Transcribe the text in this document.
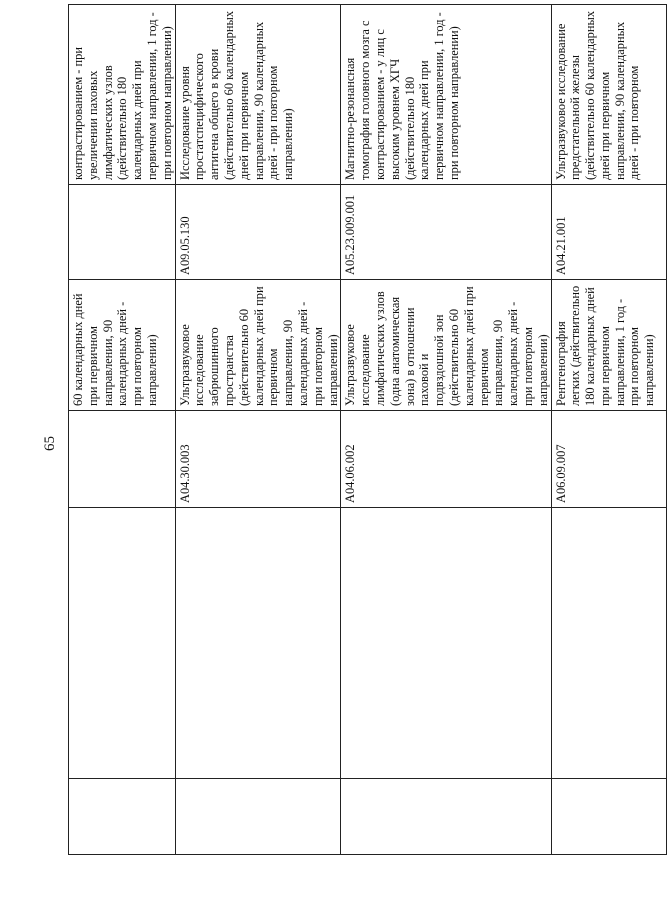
65
			60 календарных дней при первичном направлении, 90 календарных дней - при повторном направлении)		контрастированием - при увеличении паховых лимфатических узлов (действительно 180 календарных дней при первичном направлении, 1 год - при повторном направлении)
		A04.30.003	Ультразвуковое исследование забрюшинного пространства (действительно 60 календарных дней при первичном направлении, 90 календарных дней - при повторном направлении)	A09.05.130	Исследование уровня простатспецифического антигена общего в крови (действительно 60 календарных дней при первичном направлении, 90 календарных дней - при повторном направлении)
		A04.06.002	Ультразвуковое исследование лимфатических узлов (одна анатомическая зона) в отношении паховой и подвздошной зон (действительно 60 календарных дней при первичном направлении, 90 календарных дней - при повторном направлении)	A05.23.009.001	Магнитно-резонансная томография головного мозга с контрастированием - у лиц с высоким уровнем ХГЧ (действительно 180 календарных дней при первичном направлении, 1 год - при повторном направлении)
		A06.09.007	Рентгенография легких (действительно 180 календарных дней при первичном направлении, 1 год - при повторном направлении)	A04.21.001	Ультразвуковое исследование предстательной железы (действительно 60 календарных дней при первичном направлении, 90 календарных дней - при повторном
